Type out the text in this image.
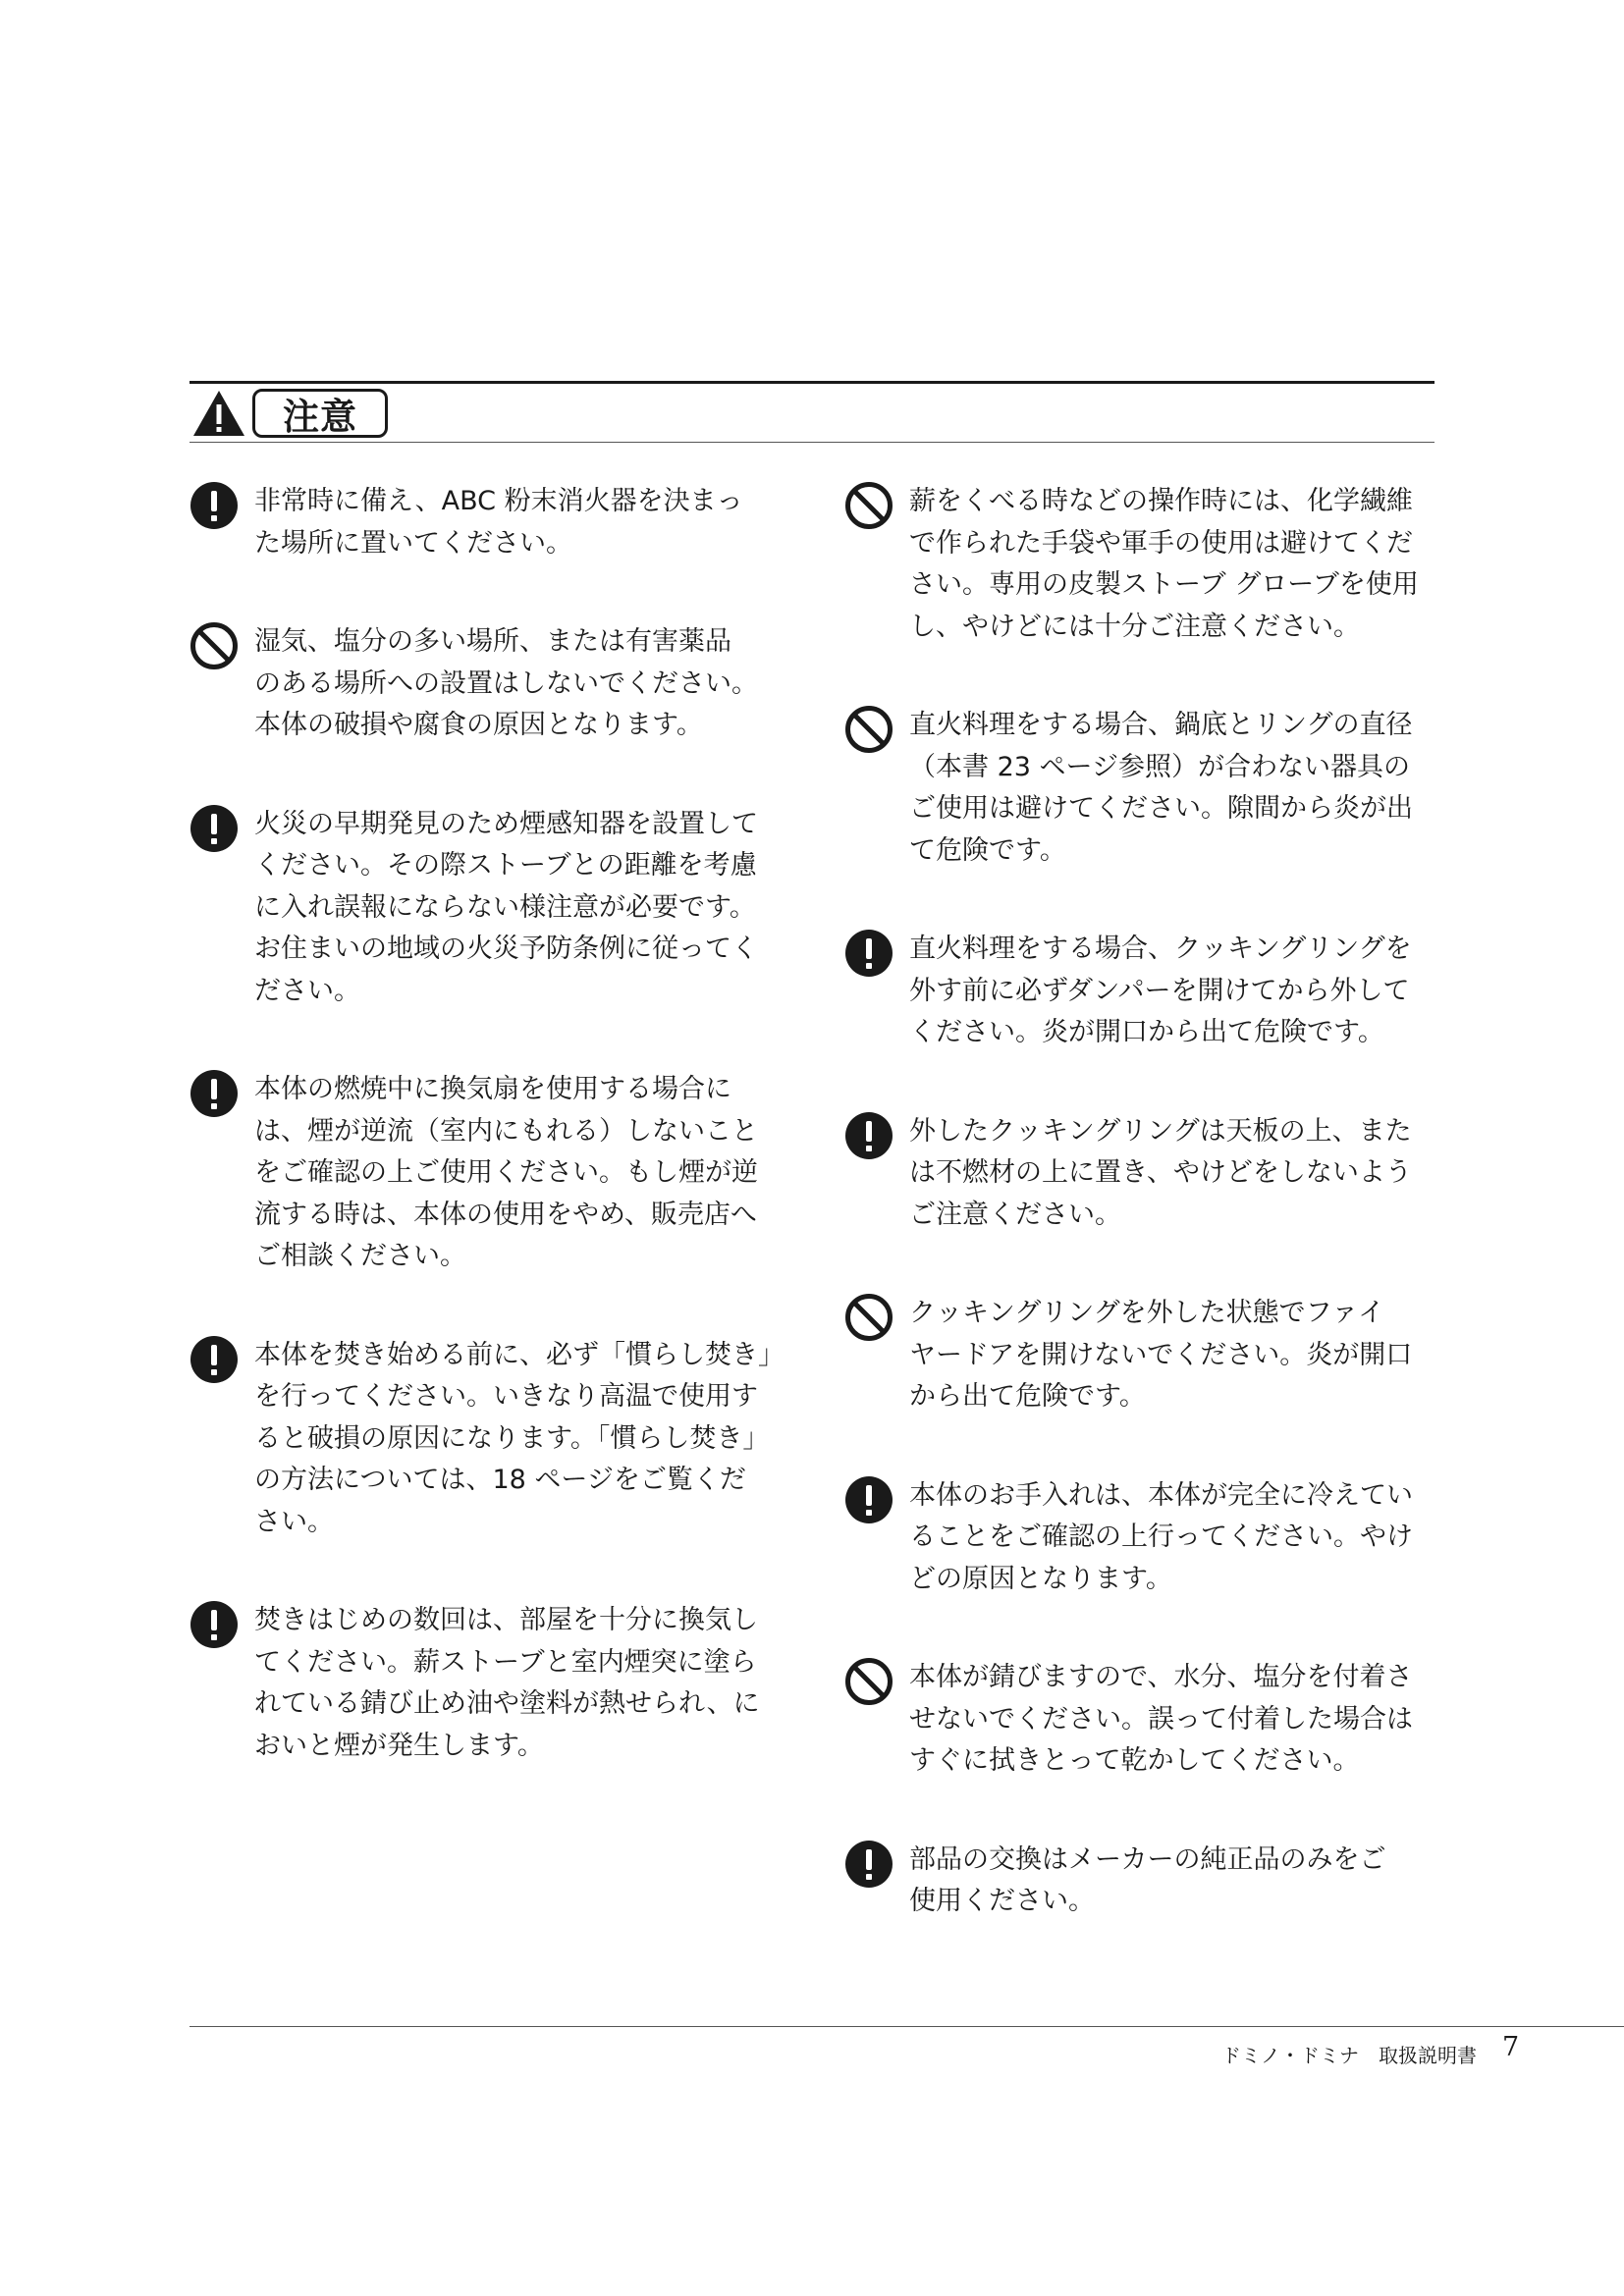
注意
非常時に備え、ABC 粉末消火器を決まっ
た場所に置いてください。
湿気、塩分の多い場所、または有害薬品
のある場所への設置はしないでください。
本体の破損や腐食の原因となります。
火災の早期発見のため煙感知器を設置して
ください。その際ストーブとの距離を考慮
に入れ誤報にならない様注意が必要です。
お住まいの地域の火災予防条例に従ってく
ださい。
本体の燃焼中に換気扇を使用する場合に
は、煙が逆流（室内にもれる）しないこと
をご確認の上ご使用ください。もし煙が逆
流する時は、本体の使用をやめ、販売店へ
ご相談ください。
本体を焚き始める前に、必ず「慣らし焚き」
を行ってください。いきなり高温で使用す
ると破損の原因になります。「慣らし焚き」
の方法については、18 ページをご覧くだ
さい。
焚きはじめの数回は、部屋を十分に換気し
てください。薪ストーブと室内煙突に塗ら
れている錆び止め油や塗料が熱せられ、に
おいと煙が発生します。
薪をくべる時などの操作時には、化学繊維
で作られた手袋や軍手の使用は避けてくだ
さい。専用の皮製ストーブ グローブを使用
し、やけどには十分ご注意ください。
直火料理をする場合、鍋底とリングの直径
（本書 23 ページ参照）が合わない器具の
ご使用は避けてください。隙間から炎が出
て危険です。
直火料理をする場合、クッキングリングを
外す前に必ずダンパーを開けてから外して
ください。炎が開口から出て危険です。
外したクッキングリングは天板の上、また
は不燃材の上に置き、やけどをしないよう
ご注意ください。
クッキングリングを外した状態でファイ
ヤードアを開けないでください。炎が開口
から出て危険です。
本体のお手入れは、本体が完全に冷えてい
ることをご確認の上行ってください。やけ
どの原因となります。
本体が錆びますので、水分、塩分を付着さ
せないでください。誤って付着した場合は
すぐに拭きとって乾かしてください。
部品の交換はメーカーの純正品のみをご
使用ください。
ドミノ・ドミナ　取扱説明書 7
